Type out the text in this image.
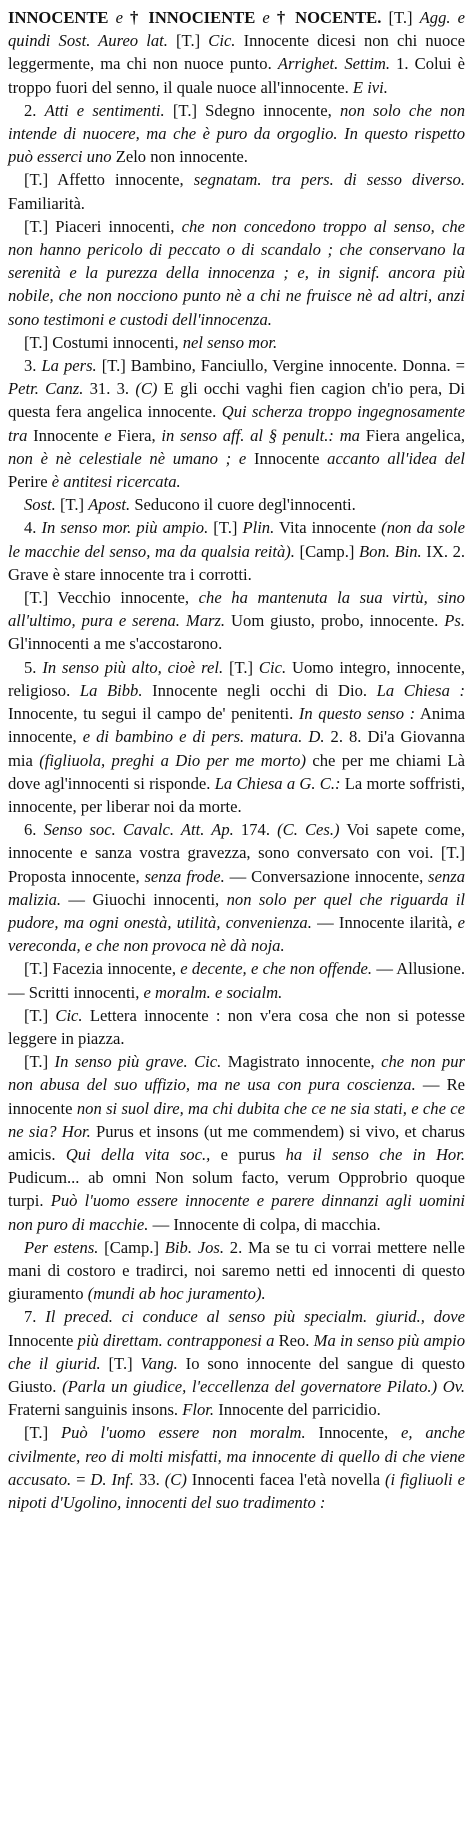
INNOCENTE e † INNOCIENTE e † NOCENTE. [T.] Agg. e quindi Sost. Aureo lat. [T.] Cic. Innocente dicesi non chi nuoce leggermente, ma chi non nuoce punto. Arrighet. Settim. 1. Colui è troppo fuori del senno, il quale nuoce all'innocente. E ivi.

2. Atti e sentimenti. [T.] Sdegno innocente, non solo che non intende di nuocere, ma che è puro da orgoglio. In questo rispetto può esserci uno Zelo non innocente.

[T.] Affetto innocente, segnatam. tra pers. di sesso diverso. Familiarità.

[T.] Piaceri innocenti, che non concedono troppo al senso, che non hanno pericolo di peccato o di scandalo ; che conservano la serenità e la purezza della innocenza ; e, in signif. ancora più nobile, che non nocciono punto nè a chi ne fruisce nè ad altri, anzi sono testimoni e custodi dell'innocenza.

[T.] Costumi innocenti, nel senso mor.

3. La pers. [T.] Bambino, Fanciullo, Vergine innocente. Donna. = Petr. Canz. 31. 3. (C) E gli occhi vaghi fien cagion ch'io pera, Di questa fera angelica innocente. Qui scherza troppo ingegnosamente tra Innocente e Fiera, in senso aff. al § penult.: ma Fiera angelica, non è nè celestiale nè umano ; e Innocente accanto all'idea del Perire è antitesi ricercata.

Sost. [T.] Apost. Seducono il cuore degl'innocenti.

4. In senso mor. più ampio. [T.] Plin. Vita innocente (non da sole le macchie del senso, ma da qualsia reità). [Camp.] Bon. Bin. IX. 2. Grave è stare innocente tra i corrotti.

[T.] Vecchio innocente, che ha mantenuta la sua virtù, sino all'ultimo, pura e serena. Marz. Uom giusto, probo, innocente. Ps. Gl'innocenti a me s'accostarono.

5. In senso più alto, cioè rel. [T.] Cic. Uomo integro, innocente, religioso. La Bibb. Innocente negli occhi di Dio. La Chiesa : Innocente, tu segui il campo de' penitenti. In questo senso : Anima innocente, e di bambino e di pers. matura. D. 2. 8. Di'a Giovanna mia (figliuola, preghi a Dio per me morto) che per me chiami Là dove agl'innocenti si risponde. La Chiesa a G. C.: La morte soffristi, innocente, per liberar noi da morte.

6. Senso soc. Cavalc. Att. Ap. 174. (C. Ces.) Voi sapete come, innocente e sanza vostra gravezza, sono conversato con voi. [T.] Proposta innocente, senza frode. — Conversazione innocente, senza malizia. — Giuochi innocenti, non solo per quel che riguarda il pudore, ma ogni onestà, utilità, convenienza. — Innocente ilarità, e vereconda, e che non provoca nè dà noja.

[T.] Facezia innocente, e decente, e che non offende. — Allusione. — Scritti innocenti, e moralm. e socialm.

[T.] Cic. Lettera innocente : non v'era cosa che non si potesse leggere in piazza.

[T.] In senso più grave. Cic. Magistrato innocente, che non pur non abusa del suo uffizio, ma ne usa con pura coscienza. — Re innocente non si suol dire, ma chi dubita che ce ne sia stati, e che ce ne sia? Hor. Purus et insons (ut me commendem) si vivo, et charus amicis. Qui della vita soc., e purus ha il senso che in Hor. Pudicum... ab omni Non solum facto, verum Opprobrio quoque turpi. Può l'uomo essere innocente e parere dinnanzi agli uomini non puro di macchie. — Innocente di colpa, di macchia.

Per estens. [Camp.] Bib. Jos. 2. Ma se tu ci vorrai mettere nelle mani di costoro e tradirci, noi saremo netti ed innocenti di questo giuramento (mundi ab hoc juramento).

7. Il preced. ci conduce al senso più specialm. giurid., dove Innocente più direttam. contrapponesi a Reo. Ma in senso più ampio che il giurid. [T.] Vang. Io sono innocente del sangue di questo Giusto. (Parla un giudice, l'eccellenza del governatore Pilato.) Ov. Fraterni sanguinis insons. Flor. Innocente del parricidio.

[T.] Può l'uomo essere non moralm. Innocente, e, anche civilmente, reo di molti misfatti, ma innocente di quello di che viene accusato. = D. Inf. 33. (C) Innocenti facea l'età novella (i figliuoli e nipoti d'Ugolino, innocenti del suo tradimento :
